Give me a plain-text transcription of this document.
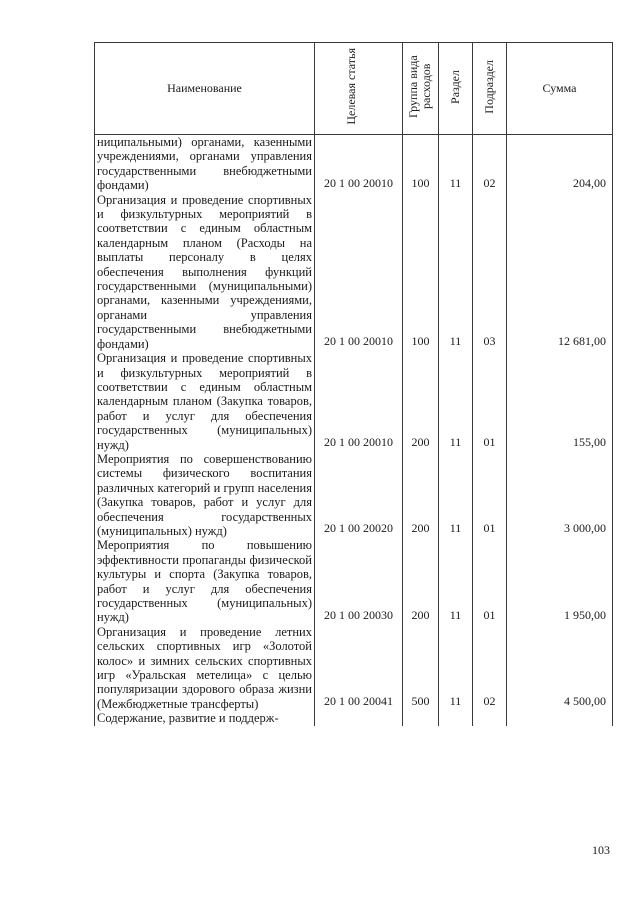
Наименование	Целевая статья	Группа вида расходов	Раздел	Подраздел	Сумма
ниципальными) органами, казенными учреждениями, органами управления государственными внебюджетными фондами)	20 1 00 20010	100	11	02	204,00
Организация и проведение спортивных и физкультурных мероприятий в соответствии с единым областным календарным планом (Расходы на выплаты персоналу в целях обеспечения выполнения функций государственными (муниципальными) органами, казенными учреждениями, органами управления государственными внебюджетными фондами)	20 1 00 20010	100	11	03	12 681,00
Организация и проведение спортивных и физкультурных мероприятий в соответствии с единым областным календарным планом (Закупка товаров, работ и услуг для обеспечения государственных (муниципальных) нужд)	20 1 00 20010	200	11	01	155,00
Мероприятия по совершенствованию системы физического воспитания различных категорий и групп населения (Закупка товаров, работ и услуг для обеспечения государственных (муниципальных) нужд)	20 1 00 20020	200	11	01	3 000,00
Мероприятия по повышению эффективности пропаганды физической культуры и спорта (Закупка товаров, работ и услуг для обеспечения государственных (муниципальных) нужд)	20 1 00 20030	200	11	01	1 950,00
Организация и проведение летних сельских спортивных игр «Золотой колос» и зимних сельских спортивных игр «Уральская метелица» с целью популяризации здорового образа жизни (Межбюджетные трансферты)	20 1 00 20041	500	11	02	4 500,00
Содержание, развитие и поддерж-					
103
